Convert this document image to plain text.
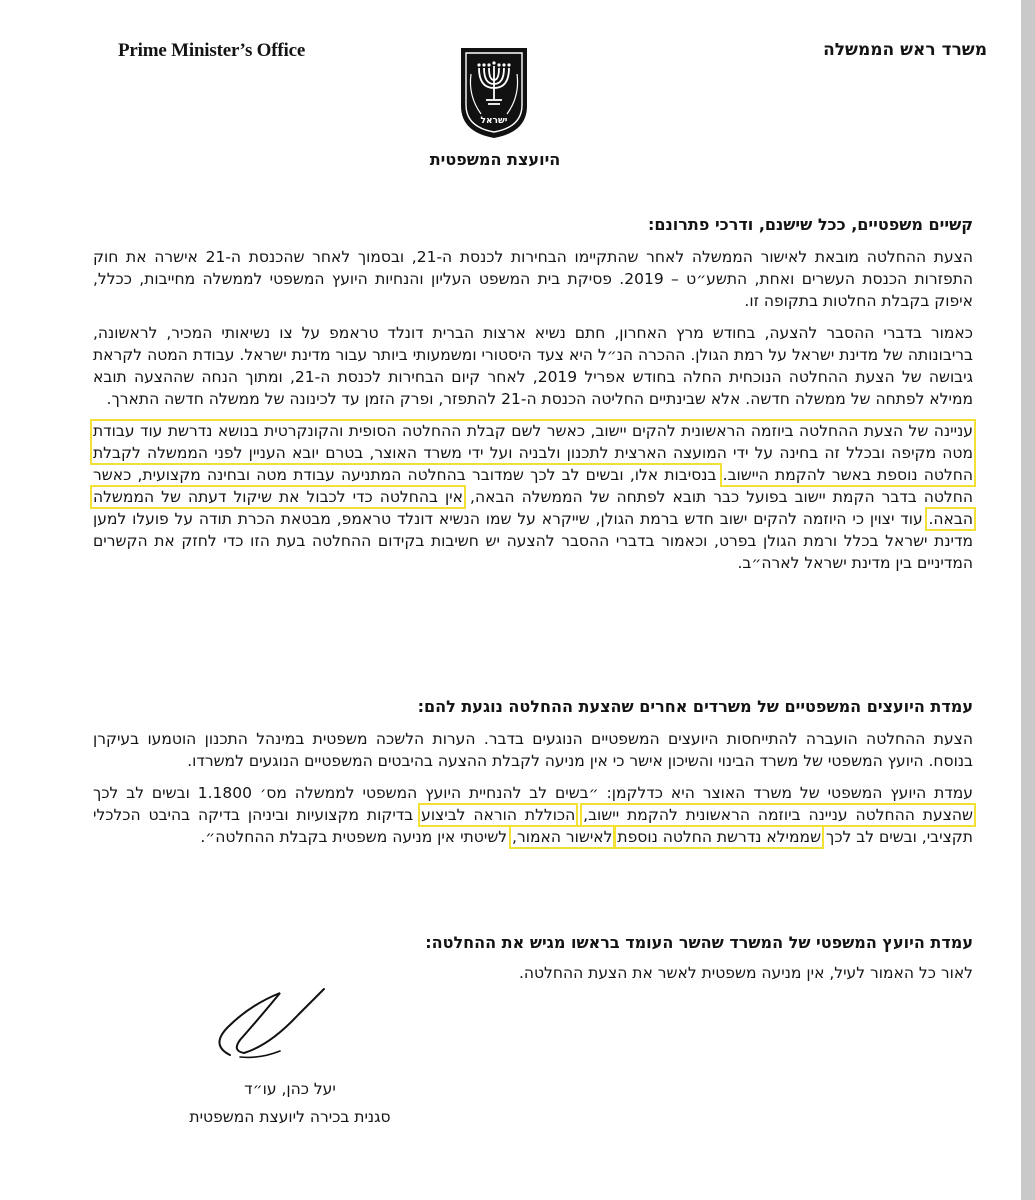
Prime Minister’s Office	משרד ראש הממשלה
ישראל
היועצת המשפטית

קשיים משפטיים, ככל שישנם, ודרכי פתרונם:

הצעת ההחלטה מובאת לאישור הממשלה לאחר שהתקיימו הבחירות לכנסת ה-21, ובסמוך לאחר שהכנסת ה-21 אישרה את חוק התפזרות הכנסת העשרים ואחת, התשע״ט – 2019. פסיקת בית המשפט העליון והנחיות היועץ המשפטי לממשלה מחייבות, ככלל, איפוק בקבלת החלטות בתקופה זו.

כאמור בדברי ההסבר להצעה, בחודש מרץ האחרון, חתם נשיא ארצות הברית דונלד טראמפ על צו נשיאותי המכיר, לראשונה, בריבונותה של מדינת ישראל על רמת הגולן. ההכרה הנ״ל היא צעד היסטורי ומשמעותי ביותר עבור מדינת ישראל. עבודת המטה לקראת גיבושה של הצעת ההחלטה הנוכחית החלה בחודש אפריל 2019, לאחר קיום הבחירות לכנסת ה-21, ומתוך הנחה שההצעה תובא ממילא לפתחה של ממשלה חדשה. אלא שבינתיים החליטה הכנסת ה-21 להתפזר, ופרק הזמן עד לכינונה של ממשלה חדשה התארך.

עניינה של הצעת ההחלטה ביוזמה הראשונית להקים יישוב, כאשר לשם קבלת ההחלטה הסופית והקונקרטית בנושא נדרשת עוד עבודת מטה מקיפה ובכלל זה בחינה על ידי המועצה הארצית לתכנון ולבניה ועל ידי משרד האוצר, בטרם יובא העניין לפני הממשלה לקבלת החלטה נוספת באשר להקמת היישוב. בנסיבות אלו, ובשים לב לכך שמדובר בהחלטה המתניעה עבודת מטה ובחינה מקצועית, כאשר החלטה בדבר הקמת יישוב בפועל כבר תובא לפתחה של הממשלה הבאה, אין בהחלטה כדי לכבול את שיקול דעתה של הממשלה הבאה. עוד יצוין כי היוזמה להקים ישוב חדש ברמת הגולן, שייקרא על שמו הנשיא דונלד טראמפ, מבטאת הכרת תודה על פועלו למען מדינת ישראל בכלל ורמת הגולן בפרט, וכאמור בדברי ההסבר להצעה יש חשיבות בקידום ההחלטה בעת הזו כדי לחזק את הקשרים המדיניים בין מדינת ישראל לארה״ב.

עמדת היועצים המשפטיים של משרדים אחרים שהצעת ההחלטה נוגעת להם:

הצעת ההחלטה הועברה להתייחסות היועצים המשפטיים הנוגעים בדבר. הערות הלשכה משפטית במינהל התכנון הוטמעו בעיקרן בנוסח. היועץ המשפטי של משרד הבינוי והשיכון אישר כי אין מניעה לקבלת ההצעה בהיבטים המשפטיים הנוגעים למשרדו.

עמדת היועץ המשפטי של משרד האוצר היא כדלקמן: ״בשים לב להנחיית היועץ המשפטי לממשלה מס׳ 1.1800 ובשים לב לכך שהצעת ההחלטה עניינה ביוזמה הראשונית להקמת יישוב, הכוללת הוראה לביצוע בדיקות מקצועיות וביניהן בדיקה בהיבט הכלכלי תקציבי, ובשים לב לכך שממילא נדרשת החלטה נוספת לאישור האמור, לשיטתי אין מניעה משפטית בקבלת ההחלטה״.

עמדת היועץ המשפטי של המשרד שהשר העומד בראשו מגיש את ההחלטה:

לאור כל האמור לעיל, אין מניעה משפטית לאשר את הצעת ההחלטה.

יעל כהן, עו״ד
סגנית בכירה ליועצת המשפטית
